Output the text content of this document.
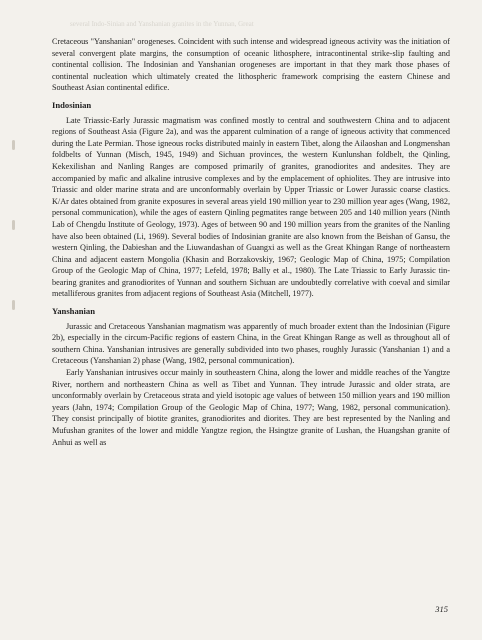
several Indo-Sinian and Yanshanian granites in the Yunnan, Great

Cretaceous "Yanshanian" orogeneses. Coincident with such intense and widespread igneous activity was the initiation of several convergent plate margins, the consumption of oceanic lithosphere, intracontinental strike-slip faulting and continental collision. The Indosinian and Yanshanian orogeneses are important in that they mark those phases of continental nucleation which ultimately created the lithospheric framework comprising the eastern Chinese and Southeast Asian continental edifice.

Indosinian

Late Triassic-Early Jurassic magmatism was confined mostly to central and southwestern China and to adjacent regions of Southeast Asia (Figure 2a), and was the apparent culmination of a range of igneous activity that commenced during the Late Permian. Those igneous rocks distributed mainly in eastern Tibet, along the Ailaoshan and Longmenshan foldbelts of Yunnan (Misch, 1945, 1949) and Sichuan provinces, the western Kunlunshan foldbelt, the Qinling, Kekexilishan and Nanling Ranges are composed primarily of granites, granodiorites and andesites. They are accompanied by mafic and alkaline intrusive complexes and by the emplacement of ophiolites. They are intrusive into Triassic and older marine strata and are unconformably overlain by Upper Triassic or Lower Jurassic coarse clastics. K/Ar dates obtained from granite exposures in several areas yield 190 million year to 230 million year ages (Wang, 1982, personal communication), while the ages of eastern Qinling pegmatites range between 205 and 140 million years (Ninth Lab of Chengdu Institute of Geology, 1973). Ages of between 90 and 190 million years from the granites of the Nanling have also been obtained (Li, 1969). Several bodies of Indosinian granite are also known from the Beishan of Gansu, the western Qinling, the Dabieshan and the Liuwandashan of Guangxi as well as the Great Khingan Range of northeastern China and adjacent eastern Mongolia (Khasin and Borzakovskiy, 1967; Geologic Map of China, 1975; Compilation Group of the Geologic Map of China, 1977; Lefeld, 1978; Bally et al., 1980). The Late Triassic to Early Jurassic tin-bearing granites and granodiorites of Yunnan and southern Sichuan are undoubtedly correlative with coeval and similar metalliferous granites from adjacent regions of Southeast Asia (Mitchell, 1977).

Yanshanian

Jurassic and Cretaceous Yanshanian magmatism was apparently of much broader extent than the Indosinian (Figure 2b), especially in the circum-Pacific regions of eastern China, in the Great Khingan Range as well as throughout all of southern China. Yanshanian intrusives are generally subdivided into two phases, roughly Jurassic (Yanshanian 1) and a Cretaceous (Yanshanian 2) phase (Wang, 1982, personal communication).

Early Yanshanian intrusives occur mainly in southeastern China, along the lower and middle reaches of the Yangtze River, northern and northeastern China as well as Tibet and Yunnan. They intrude Jurassic and older strata, are unconformably overlain by Cretaceous strata and yield isotopic age values of between 150 million years and 190 million years (Jahn, 1974; Compilation Group of the Geologic Map of China, 1977; Wang, 1982, personal communication). They consist principally of biotite granites, granodiorites and diorites. They are best represented by the Nanling and Mufushan granites of the lower and middle Yangtze region, the Hsingtze granite of Lushan, the Huangshan granite of Anhui as well as

315
